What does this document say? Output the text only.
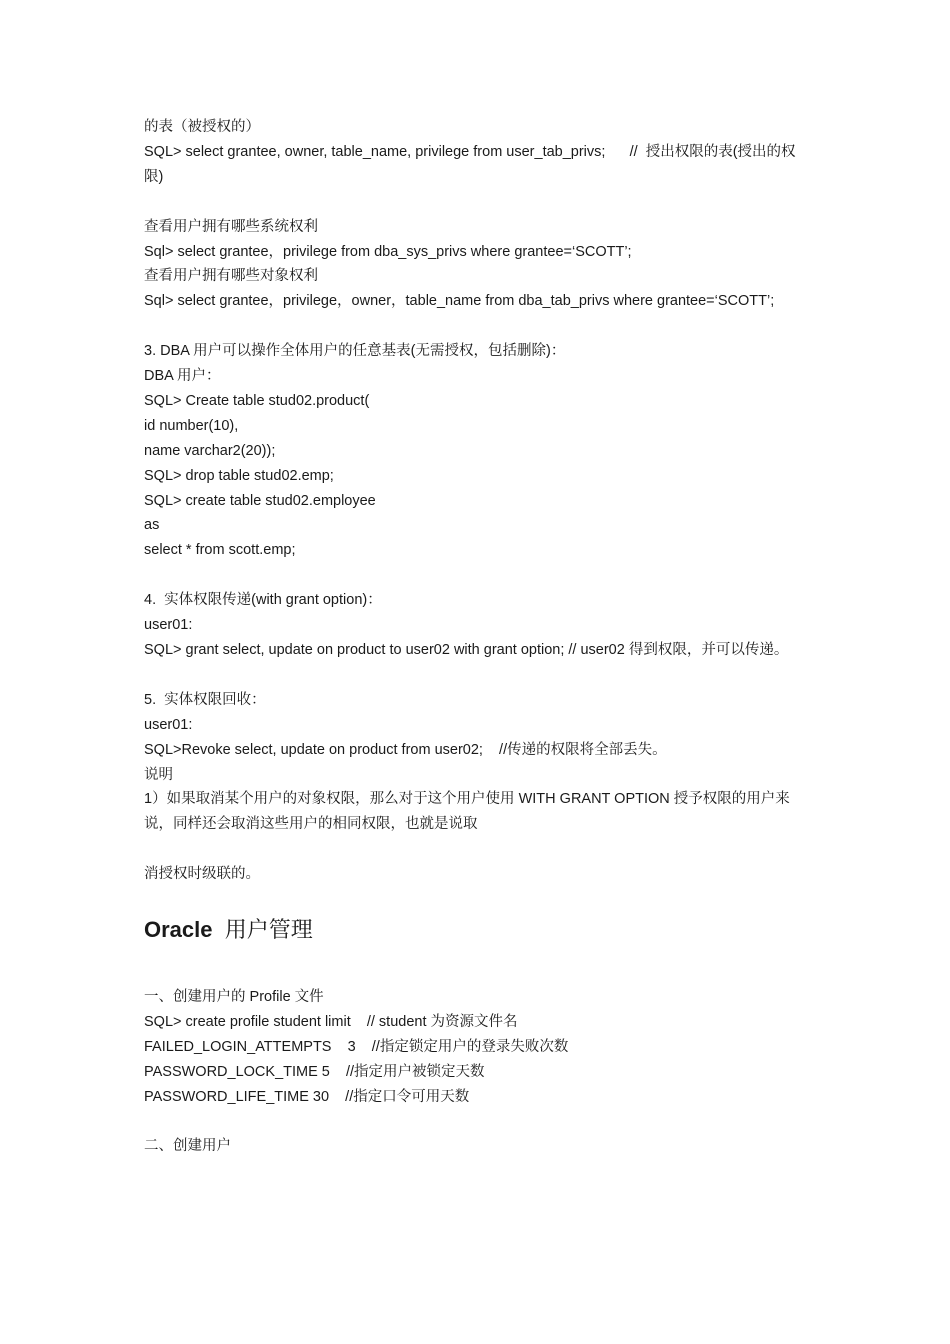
的表（被授权的）
SQL> select grantee, owner, table_name, privilege from user_tab_privs;      //  授出权限的表(授出的权限)
查看用户拥有哪些系统权利
Sql> select grantee，privilege from dba_sys_privs where grantee=‘SCOTT’;
查看用户拥有哪些对象权利
Sql> select grantee，privilege，owner，table_name from dba_tab_privs where grantee=‘SCOTT’;
3. DBA 用户可以操作全体用户的任意基表(无需授权，包括删除)：
DBA 用户：
SQL> Create table stud02.product(
id number(10),
name varchar2(20));
SQL> drop table stud02.emp;
SQL> create table stud02.employee
as
select * from scott.emp;
4.  实体权限传递(with grant option)：
user01:
SQL> grant select, update on product to user02 with grant option; // user02 得到权限，并可以传递。
5.  实体权限回收：
user01:
SQL>Revoke select, update on product from user02;    //传递的权限将全部丢失。
说明
1）如果取消某个用户的对象权限，那么对于这个用户使用 WITH GRANT OPTION 授予权限的用户来说，同样还会取消这些用户的相同权限，也就是说取
消授权时级联的。
Oracle 用户管理
一、创建用户的 Profile 文件
SQL> create profile student limit    // student 为资源文件名
FAILED_LOGIN_ATTEMPTS    3    //指定锁定用户的登录失败次数
PASSWORD_LOCK_TIME 5    //指定用户被锁定天数
PASSWORD_LIFE_TIME 30    //指定口令可用天数
二、创建用户
